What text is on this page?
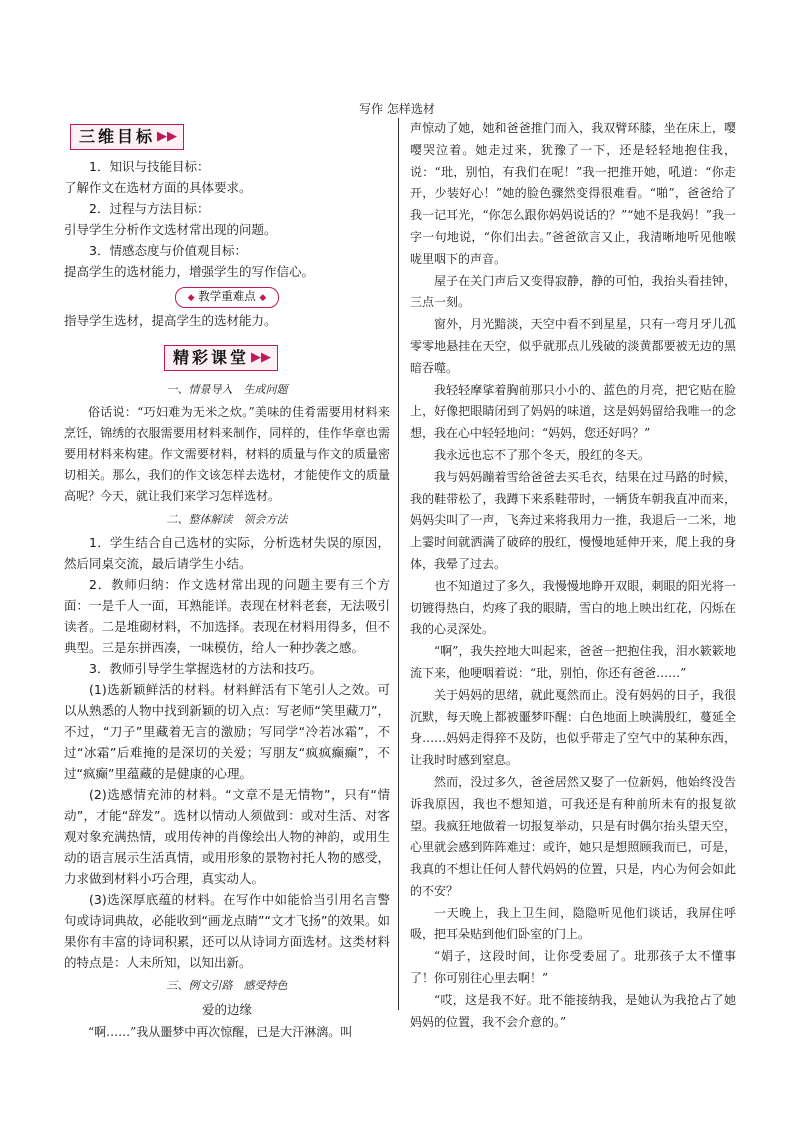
写作 怎样选材
三维目标 ▶▶

1．知识与技能目标：

了解作文在选材方面的具体要求。

2．过程与方法目标：

引导学生分析作文选材常出现的问题。

3．情感态度与价值观目标：

提高学生的选材能力，增强学生的写作信心。

◆ 教学重难点 ◆

指导学生选材，提高学生的选材能力。

精彩课堂 ▶▶
一、情景导入　生成问题

俗话说：“巧妇难为无米之炊。”美味的佳肴需要用材料来烹饪，锦绣的衣服需要用材料来制作，同样的，佳作华章也需要用材料来构建。作文需要材料，材料的质量与作文的质量密切相关。那么，我们的作文该怎样去选材，才能使作文的质量高呢？今天，就让我们来学习怎样选材。

二、整体解读　领会方法

1．学生结合自己选材的实际，分析选材失误的原因，然后同桌交流，最后请学生小结。

2．教师归纳：作文选材常出现的问题主要有三个方面：一是千人一面，耳熟能详。表现在材料老套，无法吸引读者。二是堆砌材料，不加选择。表现在材料用得多，但不典型。三是东拼西凑，一味模仿，给人一种抄袭之感。

3．教师引导学生掌握选材的方法和技巧。

(1)选新颖鲜活的材料。材料鲜活有下笔引人之效。可以从熟悉的人物中找到新颖的切入点：写老师“笑里藏刀”，不过，“刀子”里藏着无言的激励；写同学“冷若冰霜”，不过“冰霜”后难掩的是深切的关爱；写朋友“疯疯癫癫”，不过“疯癫”里蕴藏的是健康的心理。

(2)选感情充沛的材料。“文章不是无情物”，只有“情动”，才能“辞发”。选材以情动人须做到：或对生活、对客观对象充满热情，或用传神的肖像绘出人物的神韵，或用生动的语言展示生活真情，或用形象的景物衬托人物的感受，力求做到材料小巧合理，真实动人。

(3)选深厚底蕴的材料。在写作中如能恰当引用名言警句或诗词典故，必能收到“画龙点睛”“文才飞扬”的效果。如果你有丰富的诗词积累，还可以从诗词方面选材。这类材料的特点是：人未所知，以知出新。

三、例文引路　感受特色
爱的边缘

“啊……”我从噩梦中再次惊醒，已是大汗淋漓。叫

声惊动了她，她和爸爸推门而入，我双臂环膝，坐在床上，嘤嘤哭泣着。她走过来，犹豫了一下，还是轻轻地抱住我，说：“玭，别怕，有我们在呢！”我一把推开她，吼道：“你走开，少装好心！”她的脸色骤然变得很难看。“啪”，爸爸给了我一记耳光，“你怎么跟你妈妈说话的？”“她不是我妈！”我一字一句地说，“你们出去。”爸爸欲言又止，我清晰地听见他喉咙里咽下的声音。

屋子在关门声后又变得寂静，静的可怕，我抬头看挂钟，三点一刻。

窗外，月光黯淡，天空中看不到星星，只有一弯月牙儿孤零零地悬挂在天空，似乎就那点儿残破的淡黄都要被无边的黑暗吞噬。

我轻轻摩挲着胸前那只小小的、蓝色的月亮，把它贴在脸上，好像把眼睛闭到了妈妈的味道，这是妈妈留给我唯一的念想，我在心中轻轻地问：“妈妈，您还好吗？”

我永远也忘不了那个冬天，殷红的冬天。

我与妈妈蹦着雪给爸爸去买毛衣，结果在过马路的时候，我的鞋带松了，我蹲下来系鞋带时，一辆货车朝我直冲而来，妈妈尖叫了一声，飞奔过来将我用力一推，我退后一二米，地上霎时间就洒满了破碎的殷红，慢慢地延伸开来，爬上我的身体，我晕了过去。

也不知道过了多久，我慢慢地睁开双眼，刺眼的阳光将一切镀得热白，灼疼了我的眼睛，雪白的地上映出红花，闪烁在我的心灵深处。

“啊”，我失控地大叫起来，爸爸一把抱住我，泪水簌簌地流下来，他哽咽着说：“玭，别怕，你还有爸爸……”

关于妈妈的思绪，就此戛然而止。没有妈妈的日子，我很沉默，每天晚上都被噩梦吓醒：白色地面上映满殷红，蔓延全身……妈妈走得猝不及防，也似乎带走了空气中的某种东西，让我时时感到窒息。

然而，没过多久，爸爸居然又娶了一位新妈，他始终没告诉我原因，我也不想知道，可我还是有种前所未有的报复欲望。我疯狂地做着一切报复举动，只是有时偶尔抬头望天空，心里就会感到阵阵难过：或许，她只是想照顾我而已，可是，我真的不想让任何人替代妈妈的位置，只是，内心为何会如此的不安？

一天晚上，我上卫生间，隐隐听见他们谈话，我屏住呼吸，把耳朵贴到他们卧室的门上。

“娟子，这段时间，让你受委屈了。玭那孩子太不懂事了！你可别往心里去啊！”

“哎，这是我不好。玭不能接纳我，是她认为我抢占了她妈妈的位置，我不会介意的。”
